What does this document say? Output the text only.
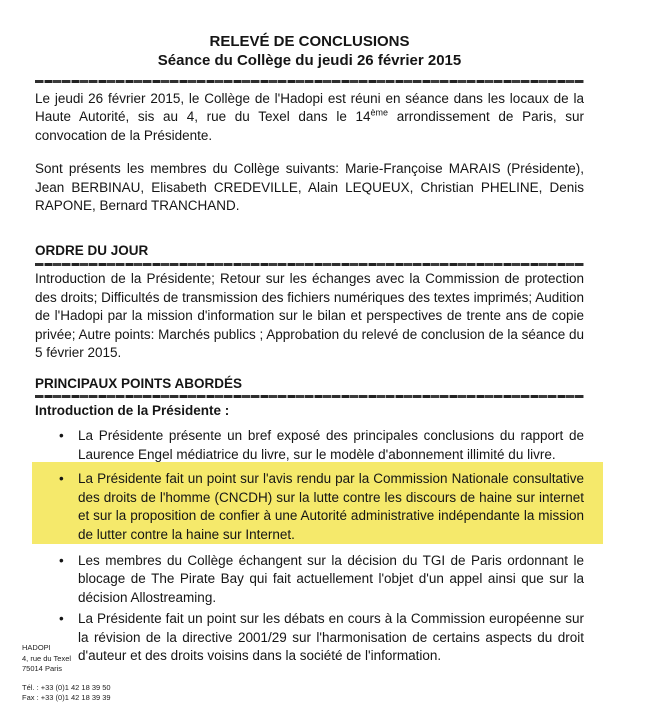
RELEVÉ DE CONCLUSIONS
Séance du Collège du jeudi 26 février 2015

Le jeudi 26 février 2015, le Collège de l'Hadopi est réuni en séance dans les locaux de la Haute Autorité, sis au 4, rue du Texel dans le 14ème arrondissement de Paris, sur convocation de la Présidente.

Sont présents les membres du Collège suivants: Marie-Françoise MARAIS (Présidente), Jean BERBINAU, Elisabeth CREDEVILLE, Alain LEQUEUX, Christian PHELINE, Denis RAPONE, Bernard TRANCHAND.

ORDRE DU JOUR

Introduction de la Présidente; Retour sur les échanges avec la Commission de protection des droits; Difficultés de transmission des fichiers numériques des textes imprimés; Audition de l'Hadopi par la mission d'information sur le bilan et perspectives de trente ans de copie privée; Autre points: Marchés publics ; Approbation du relevé de conclusion de la séance du 5 février 2015.

PRINCIPAUX POINTS ABORDÉS
Introduction de la Présidente :
•	La Présidente présente un bref exposé des principales conclusions du rapport de Laurence Engel médiatrice du livre, sur le modèle d'abonnement illimité du livre.
•	La Présidente fait un point sur l'avis rendu par la Commission Nationale consultative des droits de l'homme (CNCDH) sur la lutte contre les discours de haine sur internet et sur la proposition de confier à une Autorité administrative indépendante la mission de lutter contre la haine sur Internet.
•	Les membres du Collège échangent sur la décision du TGI de Paris ordonnant le blocage de The Pirate Bay qui fait actuellement l'objet d'un appel ainsi que sur la décision Allostreaming.
•	La Présidente fait un point sur les débats en cours à la Commission européenne sur la révision de la directive 2001/29 sur l'harmonisation de certains aspects du droit d'auteur et des droits voisins dans la société de l'information.
HADOPI
4, rue du Texel
75014 Paris
Tél. : +33 (0)1 42 18 39 50
Fax : +33 (0)1 42 18 39 39
